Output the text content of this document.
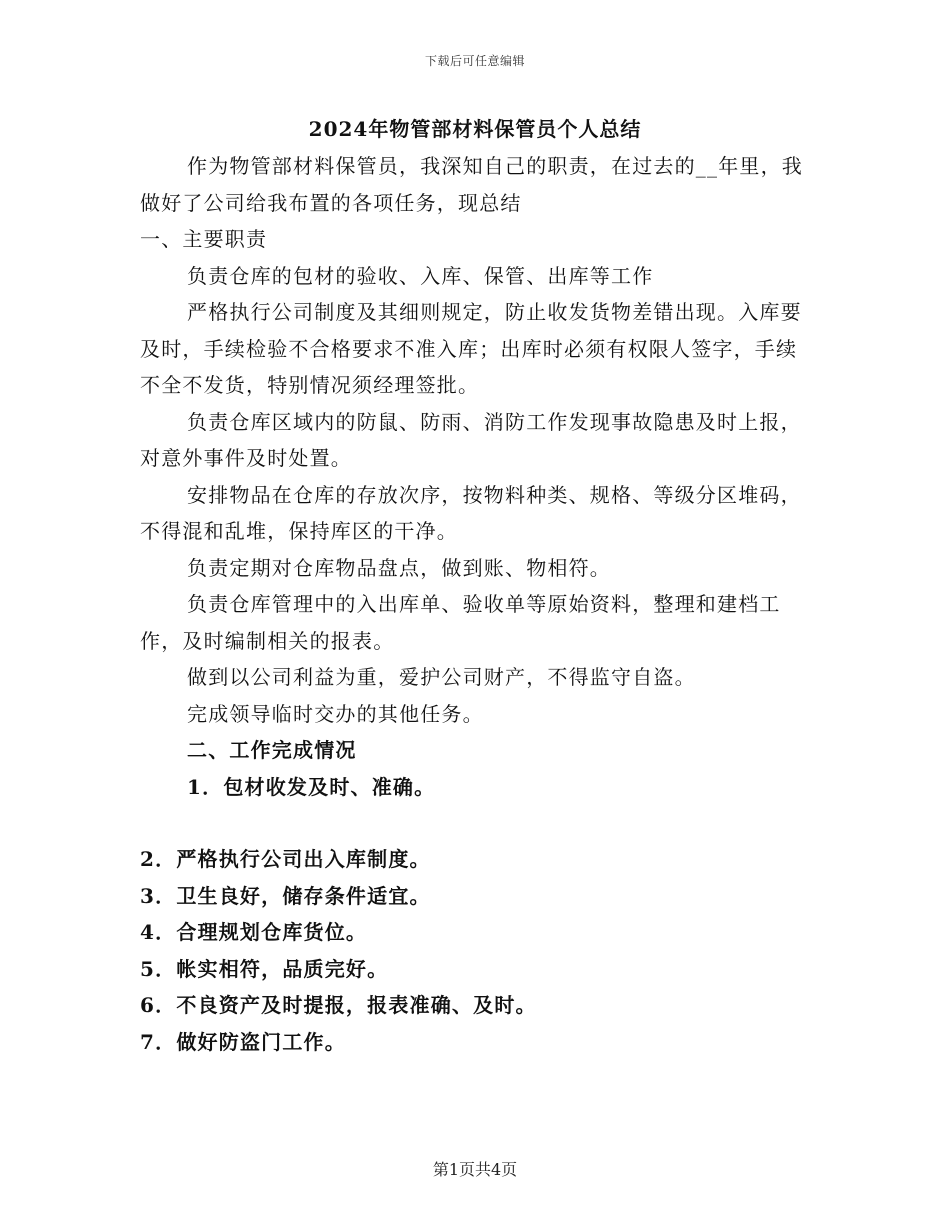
下载后可任意编辑
2024年物管部材料保管员个人总结

作为物管部材料保管员，我深知自己的职责，在过去的__年里，我做好了公司给我布置的各项任务，现总结

一、主要职责

负责仓库的包材的验收、入库、保管、出库等工作

严格执行公司制度及其细则规定，防止收发货物差错出现。入库要及时，手续检验不合格要求不准入库；出库时必须有权限人签字，手续不全不发货，特别情况须经理签批。

负责仓库区域内的防鼠、防雨、消防工作发现事故隐患及时上报，对意外事件及时处置。

安排物品在仓库的存放次序，按物料种类、规格、等级分区堆码，不得混和乱堆，保持库区的干净。

负责定期对仓库物品盘点，做到账、物相符。

负责仓库管理中的入出库单、验收单等原始资料，整理和建档工作，及时编制相关的报表。

做到以公司利益为重，爱护公司财产，不得监守自盗。

完成领导临时交办的其他任务。

二、工作完成情况

1．包材收发及时、准确。

2．严格执行公司出入库制度。

3．卫生良好，储存条件适宜。

4．合理规划仓库货位。

5．帐实相符，品质完好。

6．不良资产及时提报，报表准确、及时。

7．做好防盗门工作。

第1页共4页
